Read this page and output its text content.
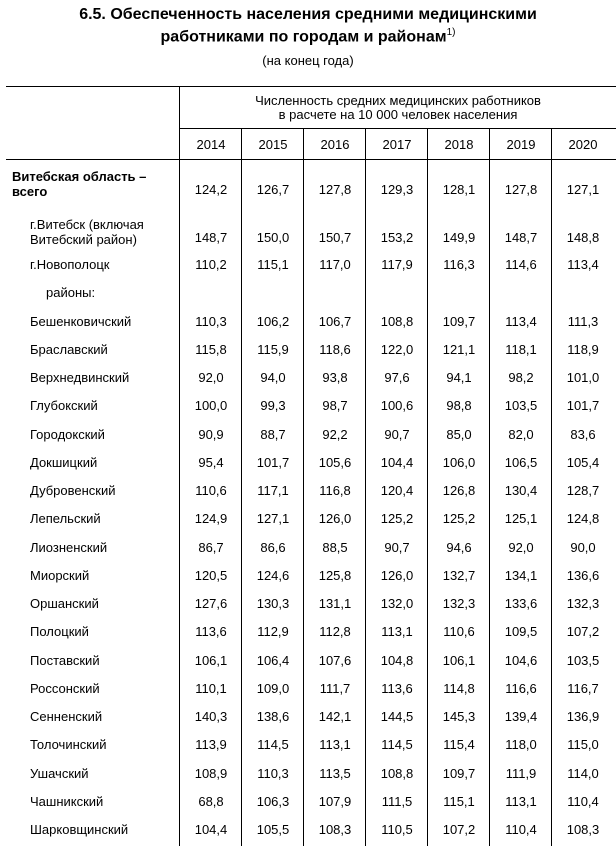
6.5. Обеспеченность населения средними медицинскими
работниками по городам и районам$^{1)}$
(на конец года)
Численность средних медицинских работников
в расчете на 10 000 человек населения
2014	2015	2016	2017	2018	2019	2020
Витебская область –
всего	124,2	126,7	127,8	129,3	128,1	127,8	127,1
г.Витебск (включая
Витебский район)	148,7	150,0	150,7	153,2	149,9	148,7	148,8
г.Новополоцк	110,2	115,1	117,0	117,9	116,3	114,6	113,4
районы:
Бешенковичский	110,3	106,2	106,7	108,8	109,7	113,4	111,3
Браславский	115,8	115,9	118,6	122,0	121,1	118,1	118,9
Верхнедвинский	92,0	94,0	93,8	97,6	94,1	98,2	101,0
Глубокский	100,0	99,3	98,7	100,6	98,8	103,5	101,7
Городокский	90,9	88,7	92,2	90,7	85,0	82,0	83,6
Докшицкий	95,4	101,7	105,6	104,4	106,0	106,5	105,4
Дубровенский	110,6	117,1	116,8	120,4	126,8	130,4	128,7
Лепельский	124,9	127,1	126,0	125,2	125,2	125,1	124,8
Лиозненский	86,7	86,6	88,5	90,7	94,6	92,0	90,0
Миорский	120,5	124,6	125,8	126,0	132,7	134,1	136,6
Оршанский	127,6	130,3	131,1	132,0	132,3	133,6	132,3
Полоцкий	113,6	112,9	112,8	113,1	110,6	109,5	107,2
Поставский	106,1	106,4	107,6	104,8	106,1	104,6	103,5
Россонский	110,1	109,0	111,7	113,6	114,8	116,6	116,7
Сенненский	140,3	138,6	142,1	144,5	145,3	139,4	136,9
Толочинский	113,9	114,5	113,1	114,5	115,4	118,0	115,0
Ушачский	108,9	110,3	113,5	108,8	109,7	111,9	114,0
Чашникский	68,8	106,3	107,9	111,5	115,1	113,1	110,4
Шарковщинский	104,4	105,5	108,3	110,5	107,2	110,4	108,3
